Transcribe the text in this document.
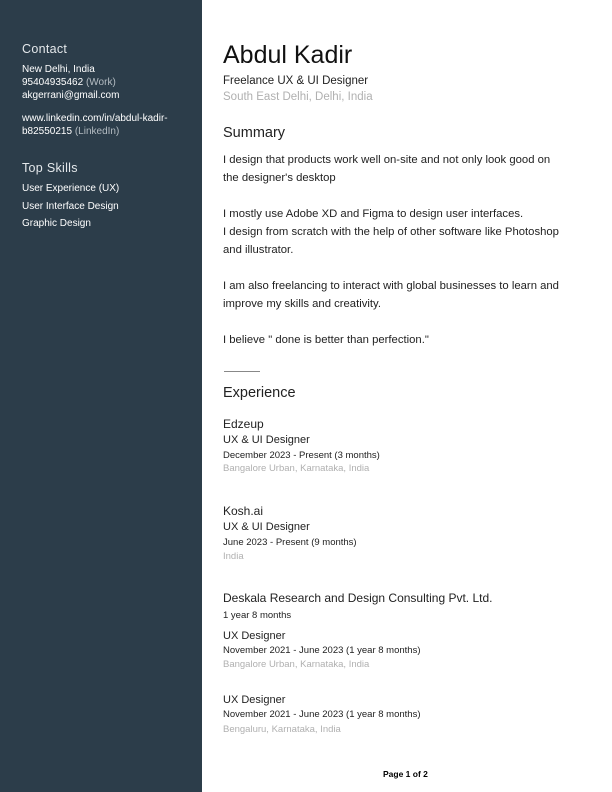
Contact
New Delhi, India
95404935462 (Work)
akgerrani@gmail.com
www.linkedin.com/in/abdul-kadir-
b82550215 (LinkedIn)
Top Skills
User Experience (UX)
User Interface Design
Graphic Design
Abdul Kadir
Freelance UX & UI Designer
South East Delhi, Delhi, India
Summary
I design that products work well on-site and not only look good on
the designer's desktop
I mostly use Adobe XD and Figma to design user interfaces.
I design from scratch with the help of other software like Photoshop
and illustrator.
I am also freelancing to interact with global businesses to learn and
improve my skills and creativity.
I believe " done is better than perfection."
Experience
Edzeup
UX & UI Designer
December 2023 - Present (3 months)
Bangalore Urban, Karnataka, India
Kosh.ai
UX & UI Designer
June 2023 - Present (9 months)
India
Deskala Research and Design Consulting Pvt. Ltd.
1 year 8 months
UX Designer
November 2021 - June 2023 (1 year 8 months)
Bangalore Urban, Karnataka, India
UX Designer
November 2021 - June 2023 (1 year 8 months)
Bengaluru, Karnataka, India
Page 1 of 2
